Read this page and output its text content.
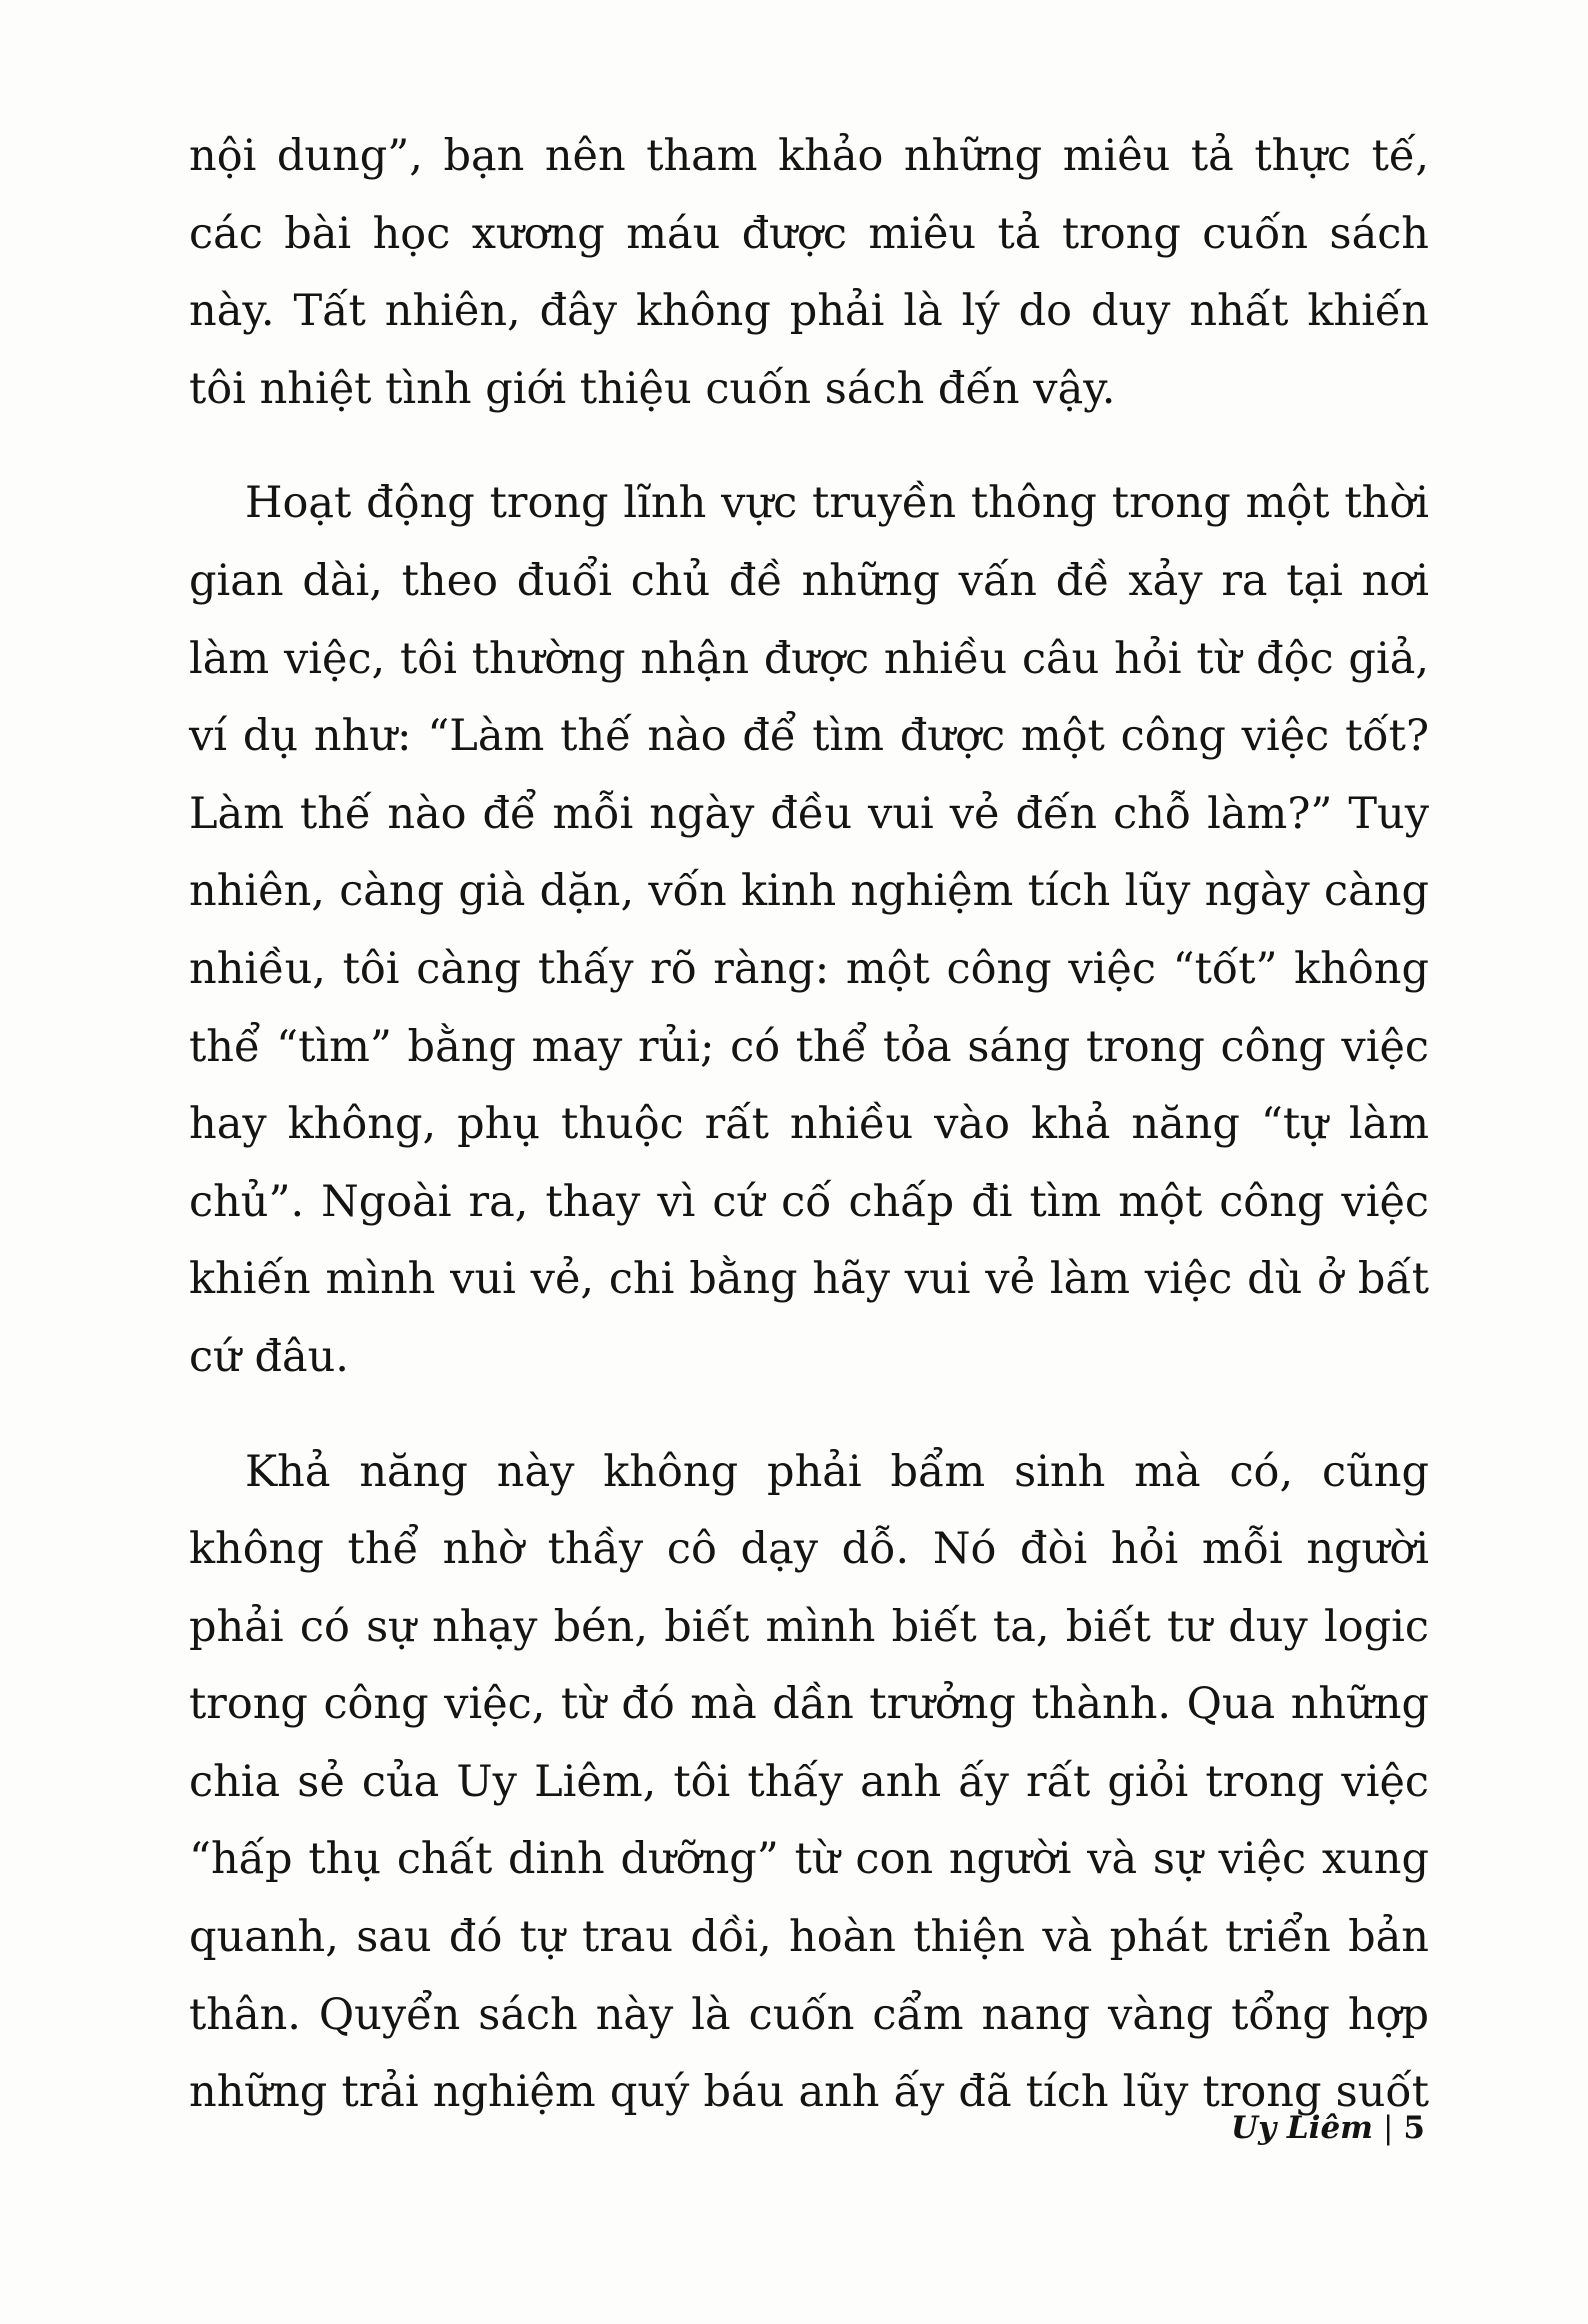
nội dung”, bạn nên tham khảo những miêu tả thực tế,
các bài học xương máu được miêu tả trong cuốn sách
này. Tất nhiên, đây không phải là lý do duy nhất khiến
tôi nhiệt tình giới thiệu cuốn sách đến vậy.
Hoạt động trong lĩnh vực truyền thông trong một thời
gian dài, theo đuổi chủ đề những vấn đề xảy ra tại nơi
làm việc, tôi thường nhận được nhiều câu hỏi từ độc giả,
ví dụ như: “Làm thế nào để tìm được một công việc tốt?
Làm thế nào để mỗi ngày đều vui vẻ đến chỗ làm?” Tuy
nhiên, càng già dặn, vốn kinh nghiệm tích lũy ngày càng
nhiều, tôi càng thấy rõ ràng: một công việc “tốt” không
thể “tìm” bằng may rủi; có thể tỏa sáng trong công việc
hay không, phụ thuộc rất nhiều vào khả năng “tự làm
chủ”. Ngoài ra, thay vì cứ cố chấp đi tìm một công việc
khiến mình vui vẻ, chi bằng hãy vui vẻ làm việc dù ở bất
cứ đâu.
Khả năng này không phải bẩm sinh mà có, cũng
không thể nhờ thầy cô dạy dỗ. Nó đòi hỏi mỗi người
phải có sự nhạy bén, biết mình biết ta, biết tư duy logic
trong công việc, từ đó mà dần trưởng thành. Qua những
chia sẻ của Uy Liêm, tôi thấy anh ấy rất giỏi trong việc
“hấp thụ chất dinh dưỡng” từ con người và sự việc xung
quanh, sau đó tự trau dồi, hoàn thiện và phát triển bản
thân. Quyển sách này là cuốn cẩm nang vàng tổng hợp
những trải nghiệm quý báu anh ấy đã tích lũy trong suốt
Uy Liêm | 5
